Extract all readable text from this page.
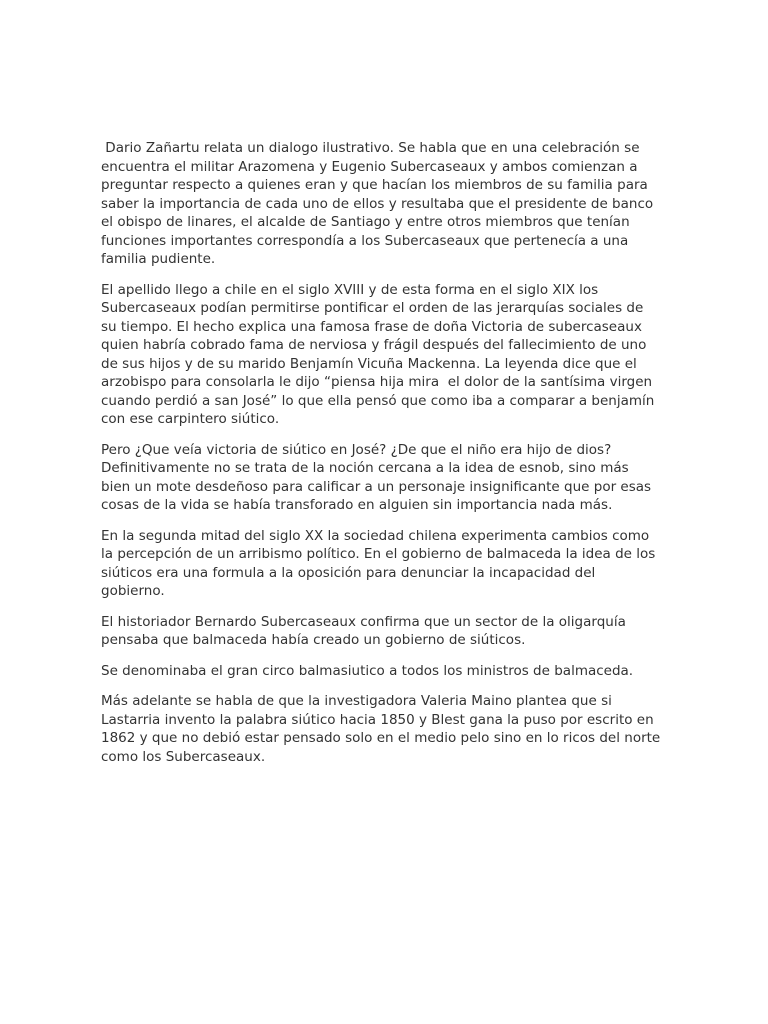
Dario Zañartu relata un dialogo ilustrativo. Se habla que en una celebración se encuentra el militar Arazomena y Eugenio Subercaseaux y ambos comienzan a preguntar respecto a quienes eran y que hacían los miembros de su familia para saber la importancia de cada uno de ellos y resultaba que el presidente de banco el obispo de linares, el alcalde de Santiago y entre otros miembros que tenían funciones importantes correspondía a los Subercaseaux que pertenecía a una familia pudiente.

El apellido llego a chile en el siglo XVIII y de esta forma en el siglo XIX los Subercaseaux podían permitirse pontificar el orden de las jerarquías sociales de su tiempo. El hecho explica una famosa frase de doña Victoria de subercaseaux quien habría cobrado fama de nerviosa y frágil después del fallecimiento de uno de sus hijos y de su marido Benjamín Vicuña Mackenna. La leyenda dice que el arzobispo para consolarla le dijo “piensa hija mira  el dolor de la santísima virgen cuando perdió a san José” lo que ella pensó que como iba a comparar a benjamín con ese carpintero siútico.

Pero ¿Que veía victoria de siútico en José? ¿De que el niño era hijo de dios? Definitivamente no se trata de la noción cercana a la idea de esnob, sino más bien un mote desdeñoso para calificar a un personaje insignificante que por esas cosas de la vida se había transforado en alguien sin importancia nada más.

En la segunda mitad del siglo XX la sociedad chilena experimenta cambios como la percepción de un arribismo político. En el gobierno de balmaceda la idea de los siúticos era una formula a la oposición para denunciar la incapacidad del gobierno.

El historiador Bernardo Subercaseaux confirma que un sector de la oligarquía pensaba que balmaceda había creado un gobierno de siúticos.

Se denominaba el gran circo balmasiutico a todos los ministros de balmaceda.

Más adelante se habla de que la investigadora Valeria Maino plantea que si Lastarria invento la palabra siútico hacia 1850 y Blest gana la puso por escrito en 1862 y que no debió estar pensado solo en el medio pelo sino en lo ricos del norte como los Subercaseaux.
